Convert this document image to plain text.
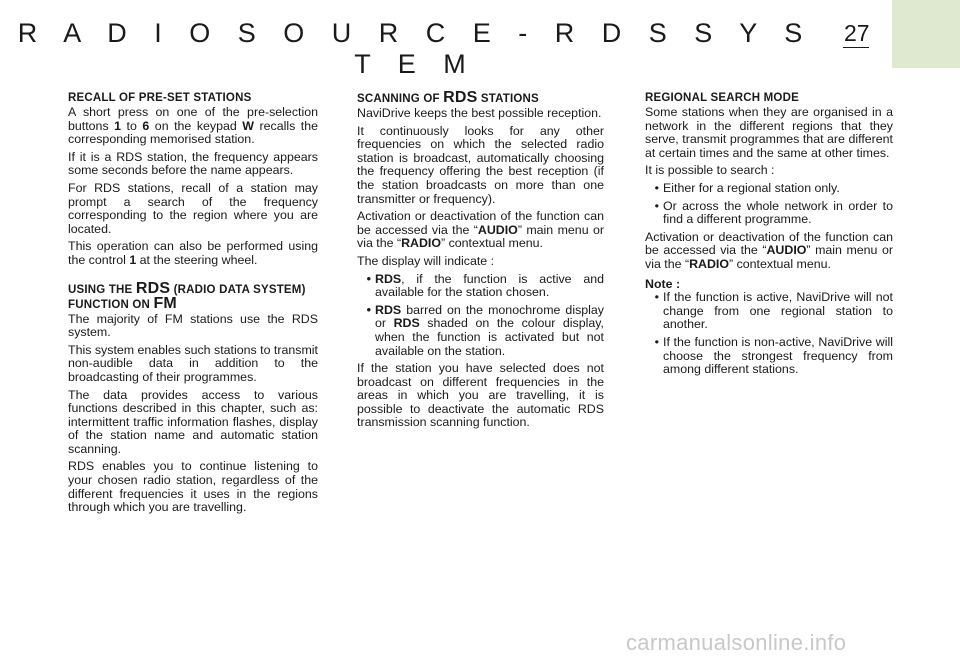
R A D I O S O U R C E - R D S S Y S T E M
27
RECALL OF PRE-SET STATIONS

A short press on one of the pre-selection buttons 1 to 6 on the keypad W recalls the corresponding memorised station.

If it is a RDS station, the frequency appears some seconds before the name appears.

For RDS stations, recall of a station may prompt a search of the frequency corresponding to the region where you are located.

This operation can also be performed using the control 1 at the steering wheel.

USING THE RDS (RADIO DATA SYSTEM)
FUNCTION ON FM

The majority of FM stations use the RDS system.

This system enables such stations to transmit non-audible data in addition to the broadcasting of their programmes.

The data provides access to various functions described in this chapter, such as: intermittent traffic information flashes, display of the station name and automatic station scanning.

RDS enables you to continue listening to your chosen radio station, regardless of the different frequencies it uses in the regions through which you are travelling.

SCANNING OF RDS STATIONS

NaviDrive keeps the best possible reception.

It continuously looks for any other frequencies on which the selected radio station is broadcast, automatically choosing the frequency offering the best reception (if the station broadcasts on more than one transmitter or frequency).

Activation or deactivation of the function can be accessed via the “AUDIO” main menu or via the “RADIO” contextual menu.

The display will indicate :

• RDS, if the function is active and available for the station chosen.
• RDS barred on the monochrome display or RDS shaded on the colour display, when the function is activated but not available on the station.

If the station you have selected does not broadcast on different frequencies in the areas in which you are travelling, it is possible to deactivate the automatic RDS transmission scanning function.

REGIONAL SEARCH MODE

Some stations when they are organised in a network in the different regions that they serve, transmit programmes that are different at certain times and the same at other times.

It is possible to search :

• Either for a regional station only.
• Or across the whole network in order to find a different programme.

Activation or deactivation of the function can be accessed via the “AUDIO” main menu or via the “RADIO” contextual menu.

Note :
• If the function is active, NaviDrive will not change from one regional station to another.
• If the function is non-active, NaviDrive will choose the strongest frequency from among different stations.
carmanualsonline.info
